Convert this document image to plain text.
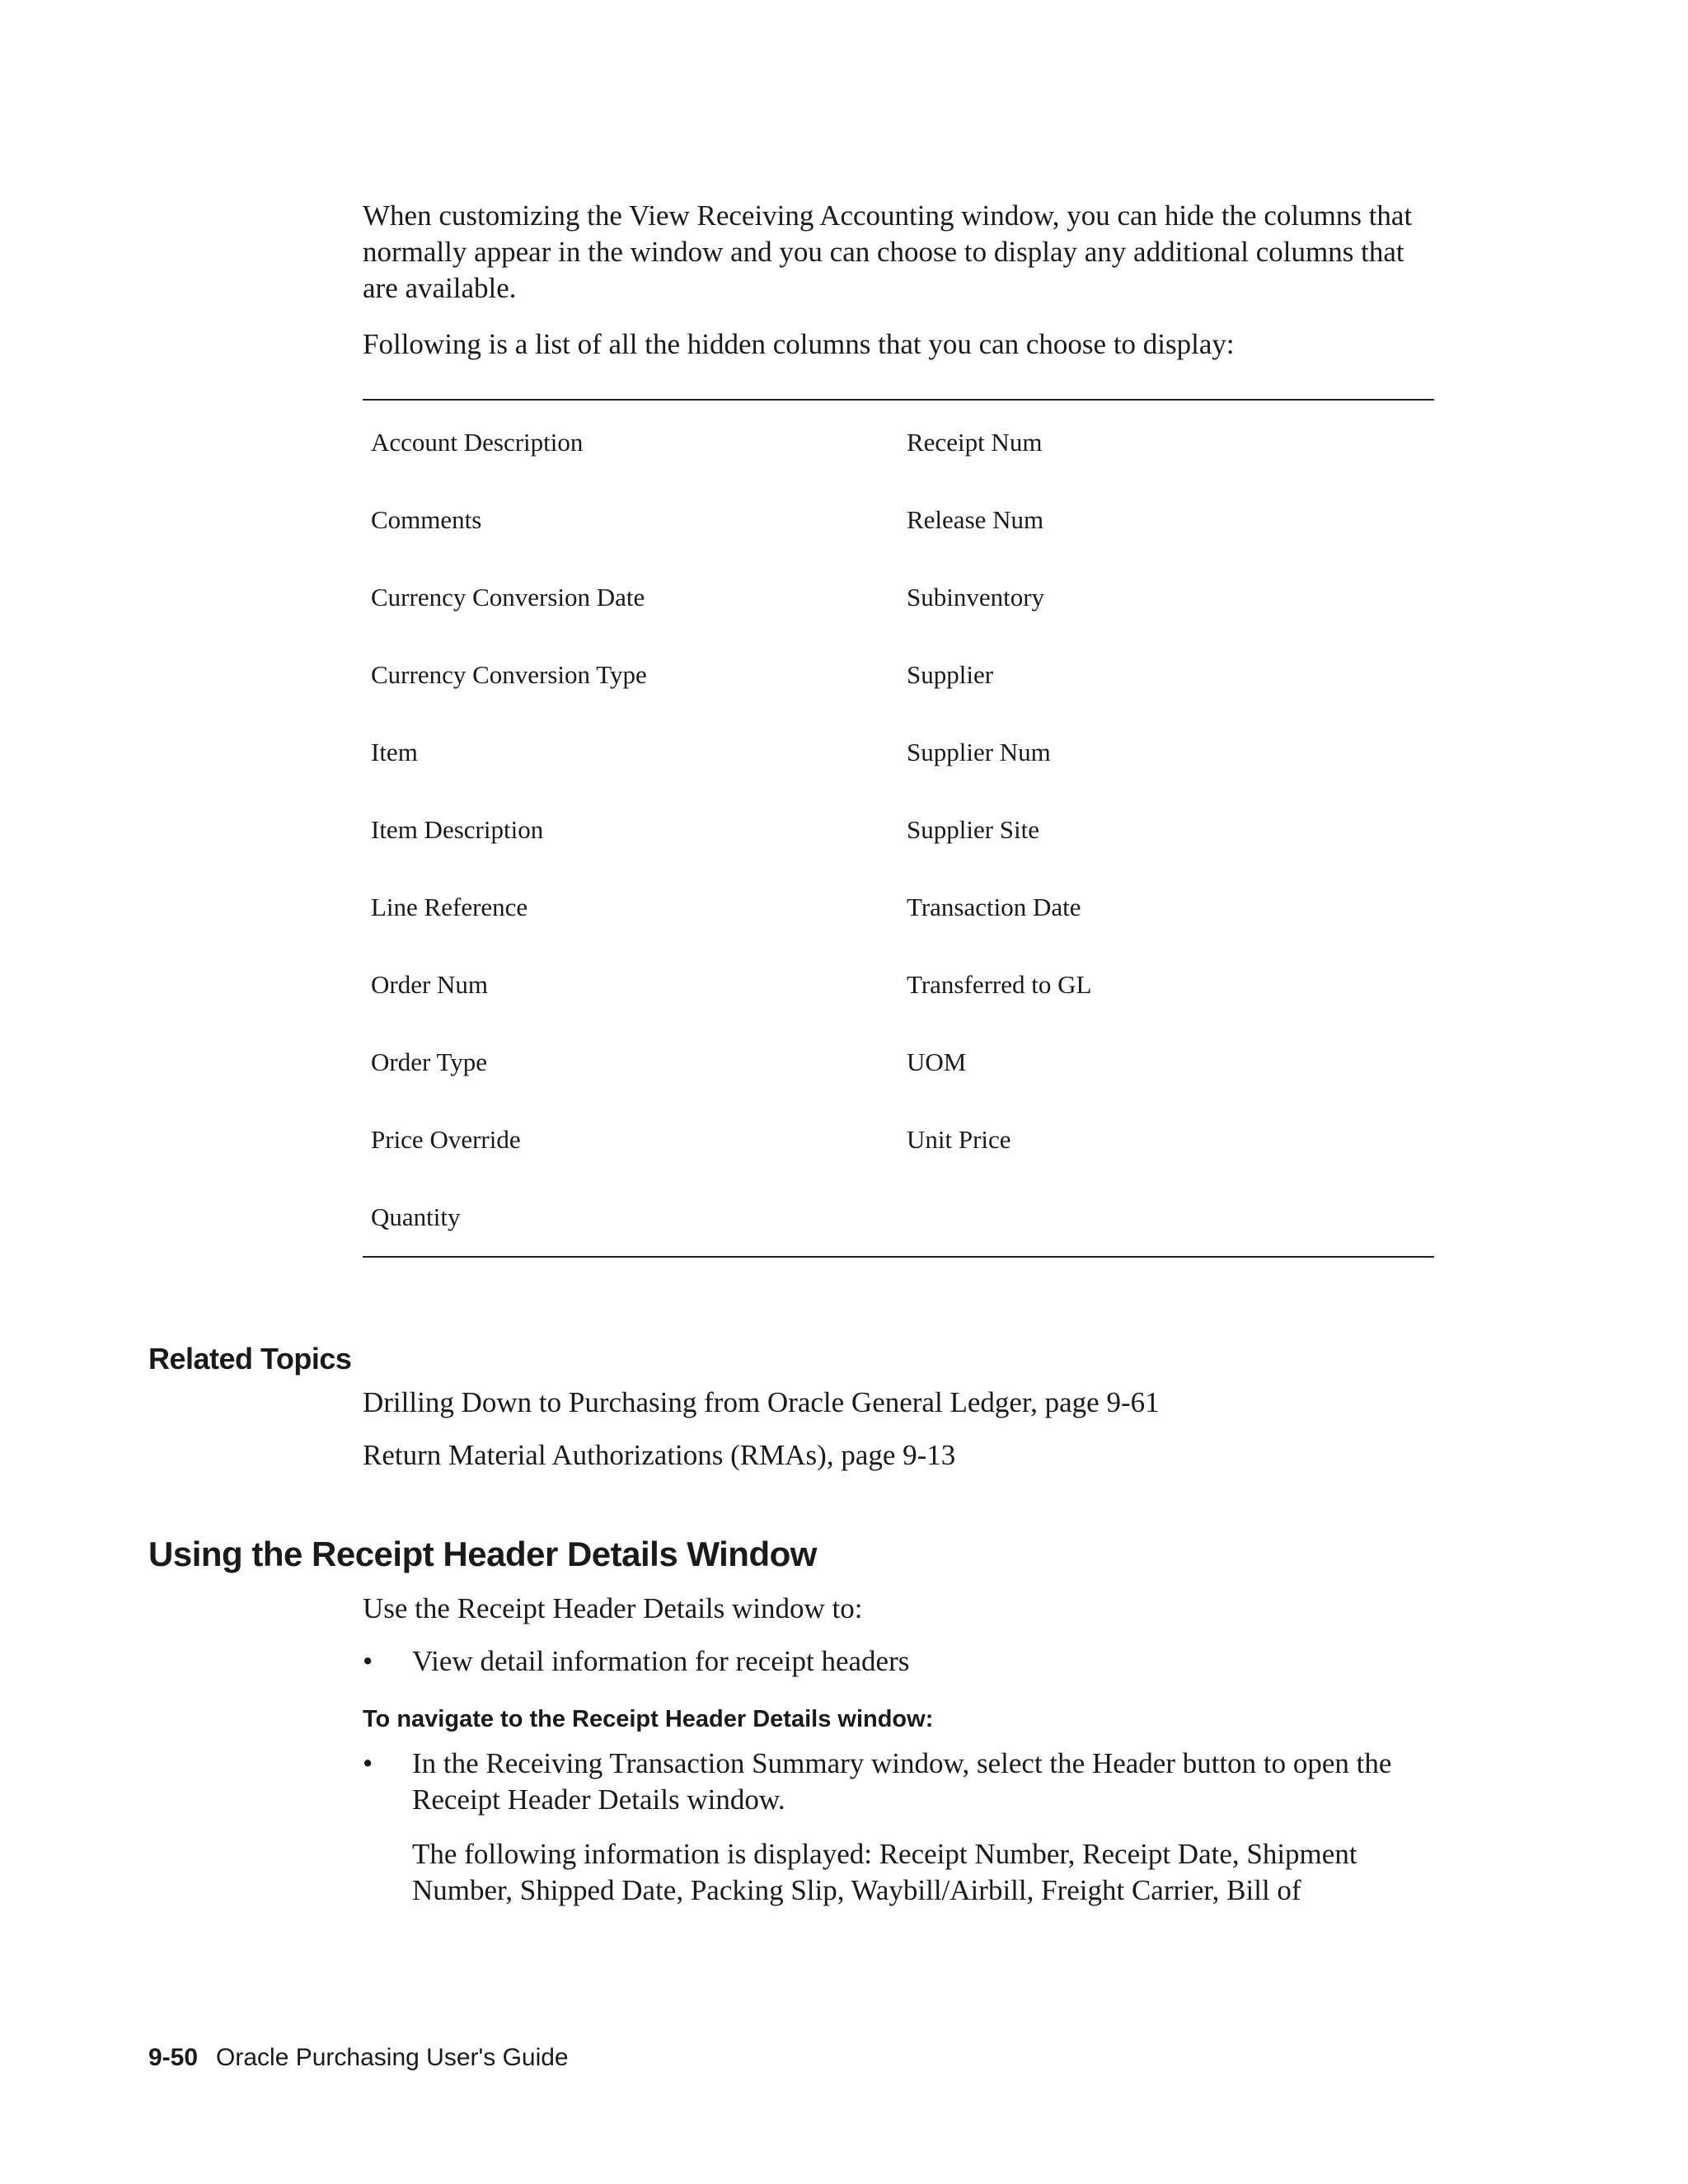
When customizing the View Receiving Accounting window, you can hide the columns that normally appear in the window and you can choose to display any additional columns that are available.

Following is a list of all the hidden columns that you can choose to display:

Account Description	Receipt Num
Comments	Release Num
Currency Conversion Date	Subinventory
Currency Conversion Type	Supplier
Item	Supplier Num
Item Description	Supplier Site
Line Reference	Transaction Date
Order Num	Transferred to GL
Order Type	UOM
Price Override	Unit Price
Quantity	
Related Topics

Drilling Down to Purchasing from Oracle General Ledger, page 9-61

Return Material Authorizations (RMAs), page 9-13

Using the Receipt Header Details Window

Use the Receipt Header Details window to:

•	View detail information for receipt headers
To navigate to the Receipt Header Details window:
•	In the Receiving Transaction Summary window, select the Header button to open the Receipt Header Details window.

The following information is displayed: Receipt Number, Receipt Date, Shipment Number, Shipped Date, Packing Slip, Waybill/Airbill, Freight Carrier, Bill of

9-50 Oracle Purchasing User's Guide
